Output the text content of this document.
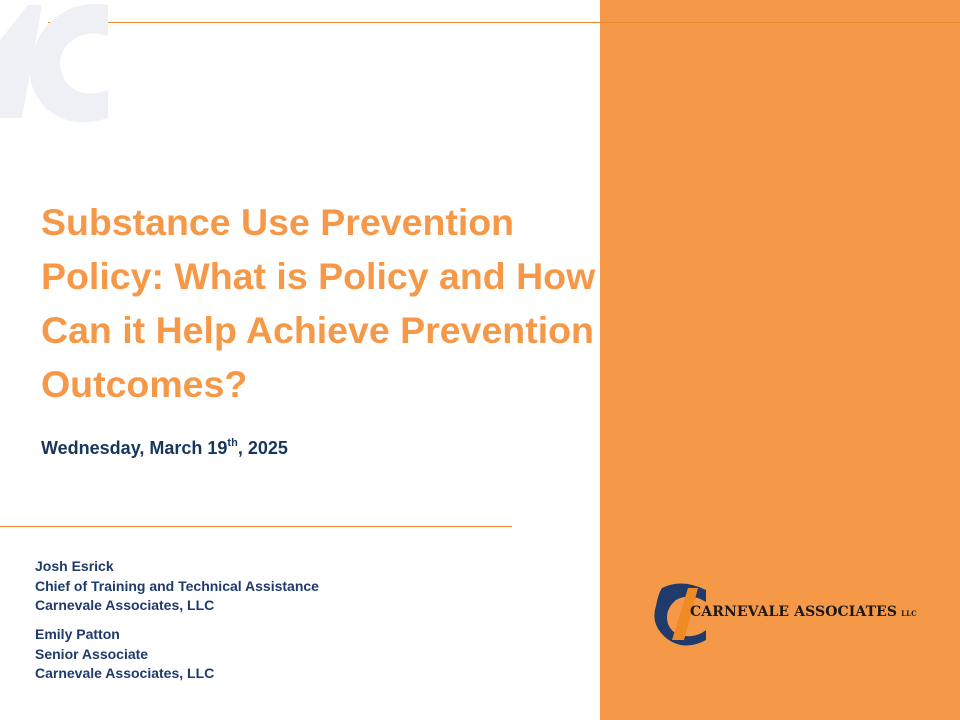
Substance Use Prevention Policy: What is Policy and How Can it Help Achieve Prevention Outcomes?

Wednesday, March 19th, 2025

Josh Esrick
Chief of Training and Technical Assistance
Carnevale Associates, LLC
Emily Patton
Senior Associate
Carnevale Associates, LLC
CARNEVALE ASSOCIATES LLC
